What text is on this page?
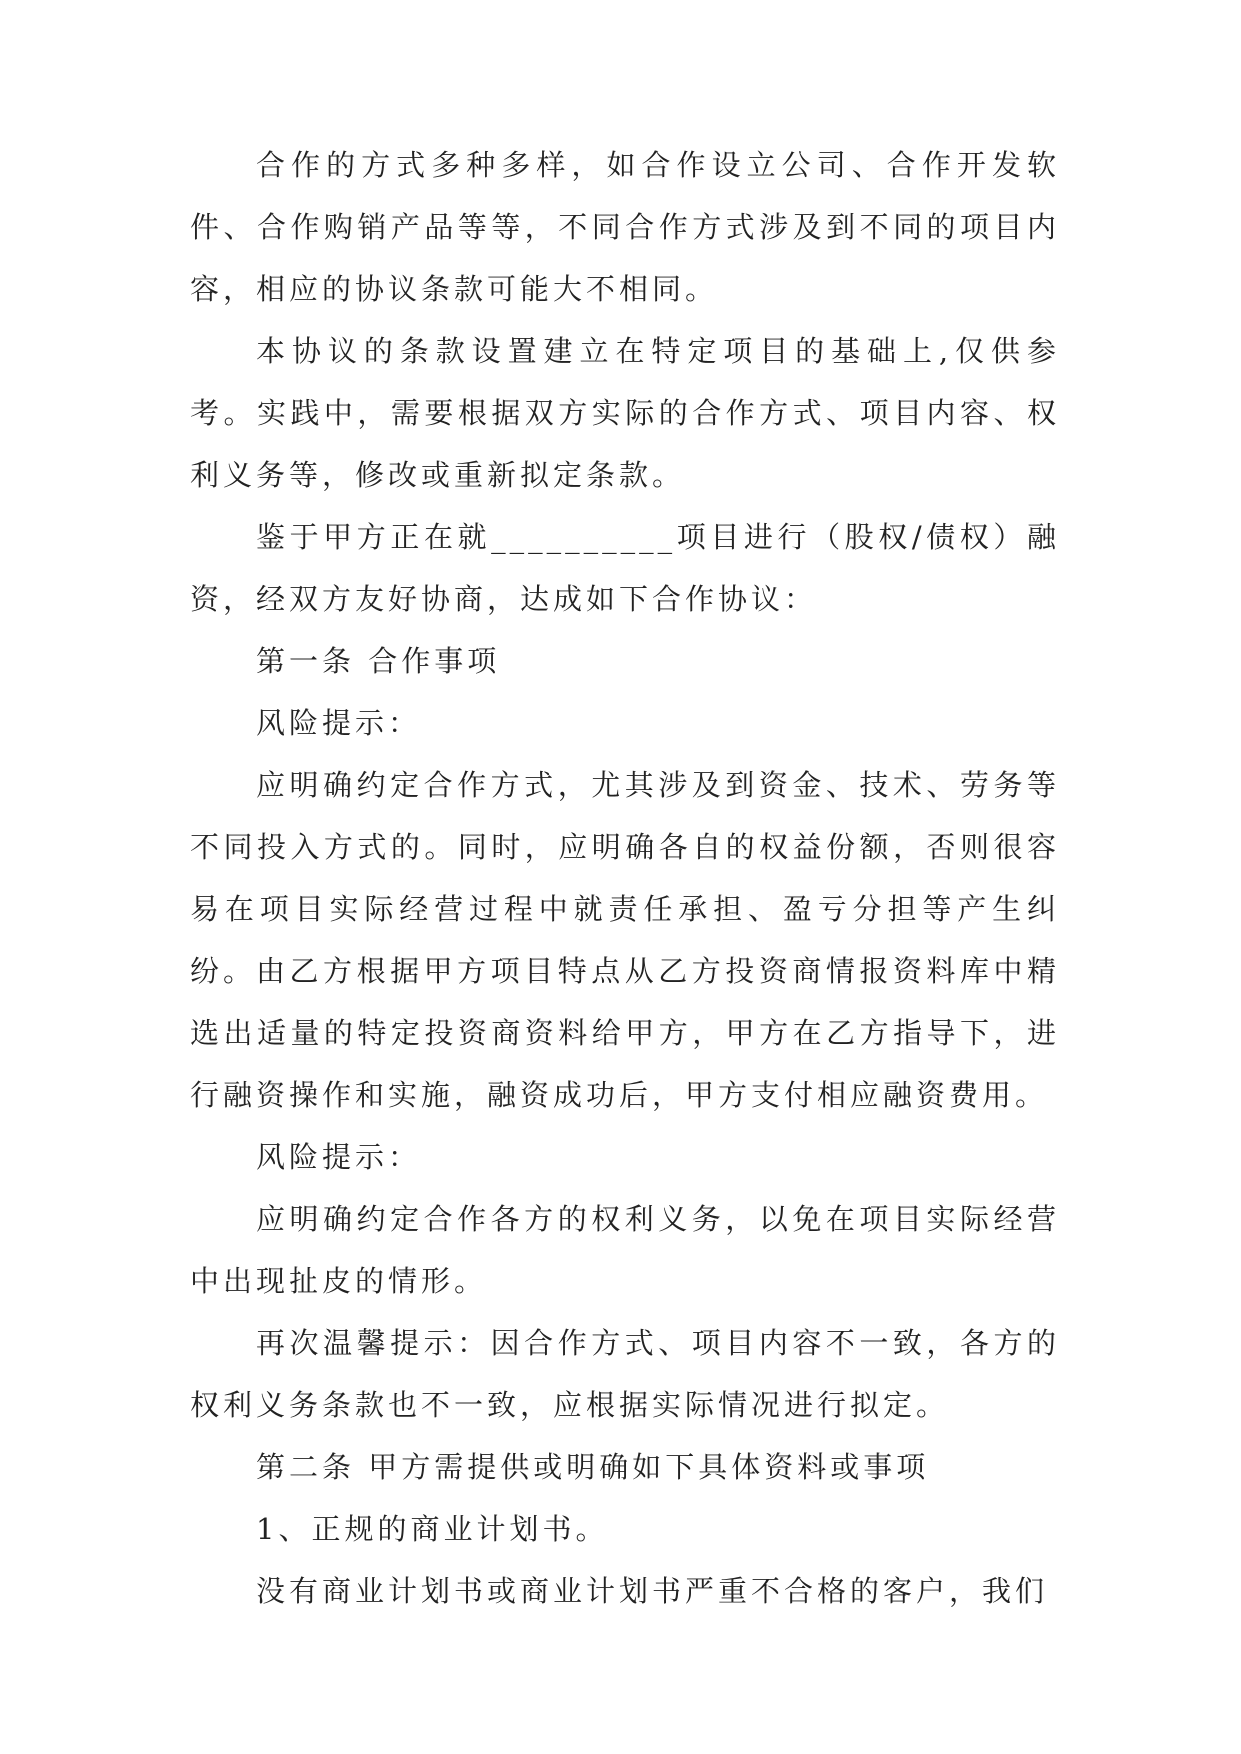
合作的方式多种多样，如合作设立公司、合作开发软件、合作购销产品等等，不同合作方式涉及到不同的项目内容，相应的协议条款可能大不相同。

本协议的条款设置建立在特定项目的基础上,仅供参考。实践中，需要根据双方实际的合作方式、项目内容、权利义务等，修改或重新拟定条款。

鉴于甲方正在就__________项目进行（股权/债权）融资，经双方友好协商，达成如下合作协议：

第一条 合作事项

风险提示：

应明确约定合作方式，尤其涉及到资金、技术、劳务等不同投入方式的。同时，应明确各自的权益份额，否则很容易在项目实际经营过程中就责任承担、盈亏分担等产生纠纷。 由乙方根据甲方项目特点从乙方投资商情报资料库中精选出适量的特定投资商资料给甲方，甲方在乙方指导下，进行融资操作和实施，融资成功后，甲方支付相应融资费用。

风险提示：

应明确约定合作各方的权利义务，以免在项目实际经营中出现扯皮的情形。

再次温馨提示：因合作方式、项目内容不一致，各方的权利义务条款也不一致，应根据实际情况进行拟定。

第二条 甲方需提供或明确如下具体资料或事项

1、正规的商业计划书。

没有商业计划书或商业计划书严重不合格的客户，我们
